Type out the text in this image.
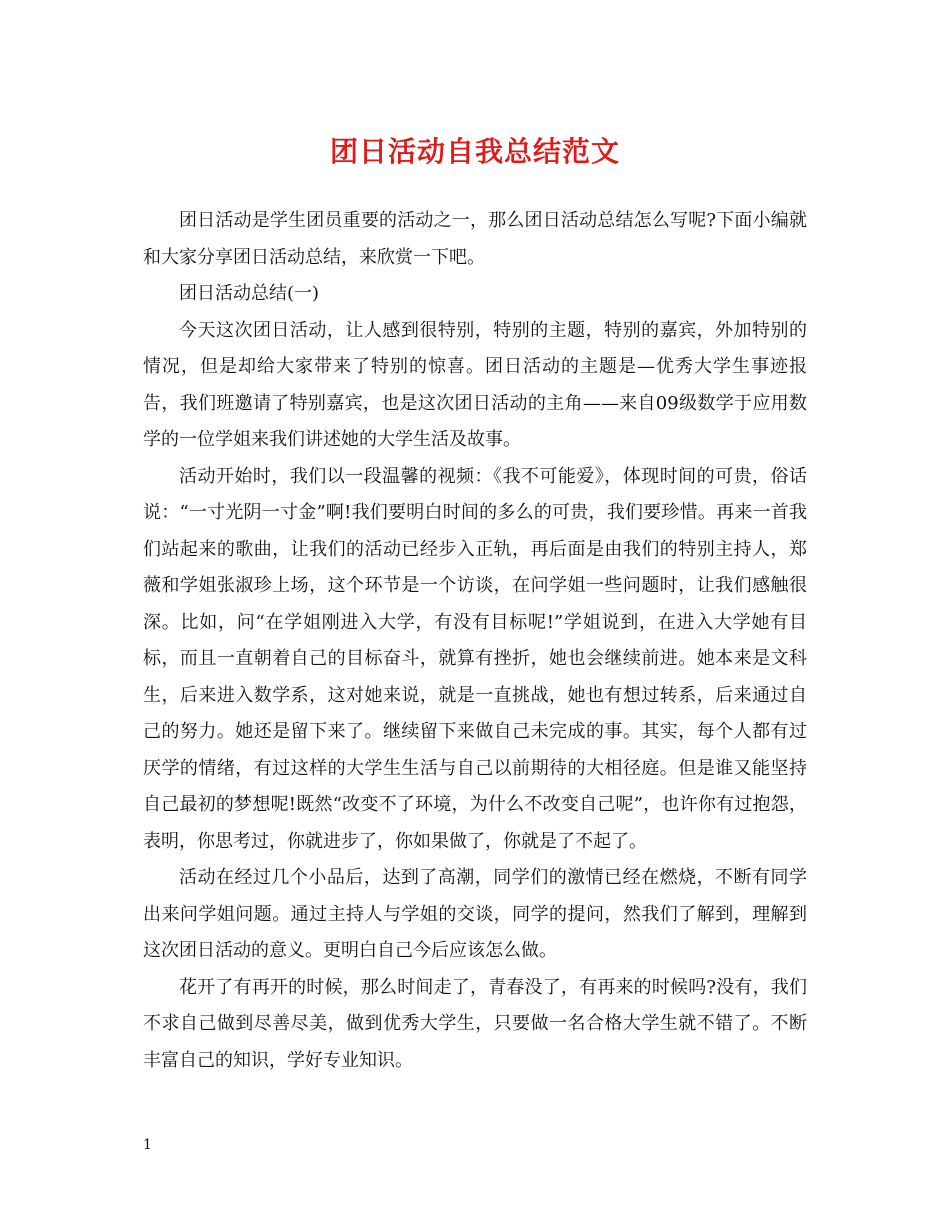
团日活动自我总结范文

团日活动是学生团员重要的活动之一，那么团日活动总结怎么写呢?下面小编就和大家分享团日活动总结，来欣赏一下吧。

团日活动总结(一)

今天这次团日活动，让人感到很特别，特别的主题，特别的嘉宾，外加特别的情况，但是却给大家带来了特别的惊喜。团日活动的主题是—优秀大学生事迹报告，我们班邀请了特别嘉宾，也是这次团日活动的主角——来自09级数学于应用数学的一位学姐来我们讲述她的大学生活及故事。

活动开始时，我们以一段温馨的视频：《我不可能爱》，体现时间的可贵，俗话说：“一寸光阴一寸金”啊!我们要明白时间的多么的可贵，我们要珍惜。再来一首我们站起来的歌曲，让我们的活动已经步入正轨，再后面是由我们的特别主持人，郑薇和学姐张淑珍上场，这个环节是一个访谈，在问学姐一些问题时，让我们感触很深。比如，问“在学姐刚进入大学，有没有目标呢!”学姐说到，在进入大学她有目标，而且一直朝着自己的目标奋斗，就算有挫折，她也会继续前进。她本来是文科生，后来进入数学系，这对她来说，就是一直挑战，她也有想过转系，后来通过自己的努力。她还是留下来了。继续留下来做自己未完成的事。其实，每个人都有过厌学的情绪，有过这样的大学生生活与自己以前期待的大相径庭。但是谁又能坚持自己最初的梦想呢!既然“改变不了环境，为什么不改变自己呢”，也许你有过抱怨，表明，你思考过，你就进步了，你如果做了，你就是了不起了。

活动在经过几个小品后，达到了高潮，同学们的激情已经在燃烧，不断有同学出来问学姐问题。通过主持人与学姐的交谈，同学的提问，然我们了解到，理解到这次团日活动的意义。更明白自己今后应该怎么做。

花开了有再开的时候，那么时间走了，青春没了，有再来的时候吗?没有，我们不求自己做到尽善尽美，做到优秀大学生，只要做一名合格大学生就不错了。不断丰富自己的知识，学好专业知识。

1
